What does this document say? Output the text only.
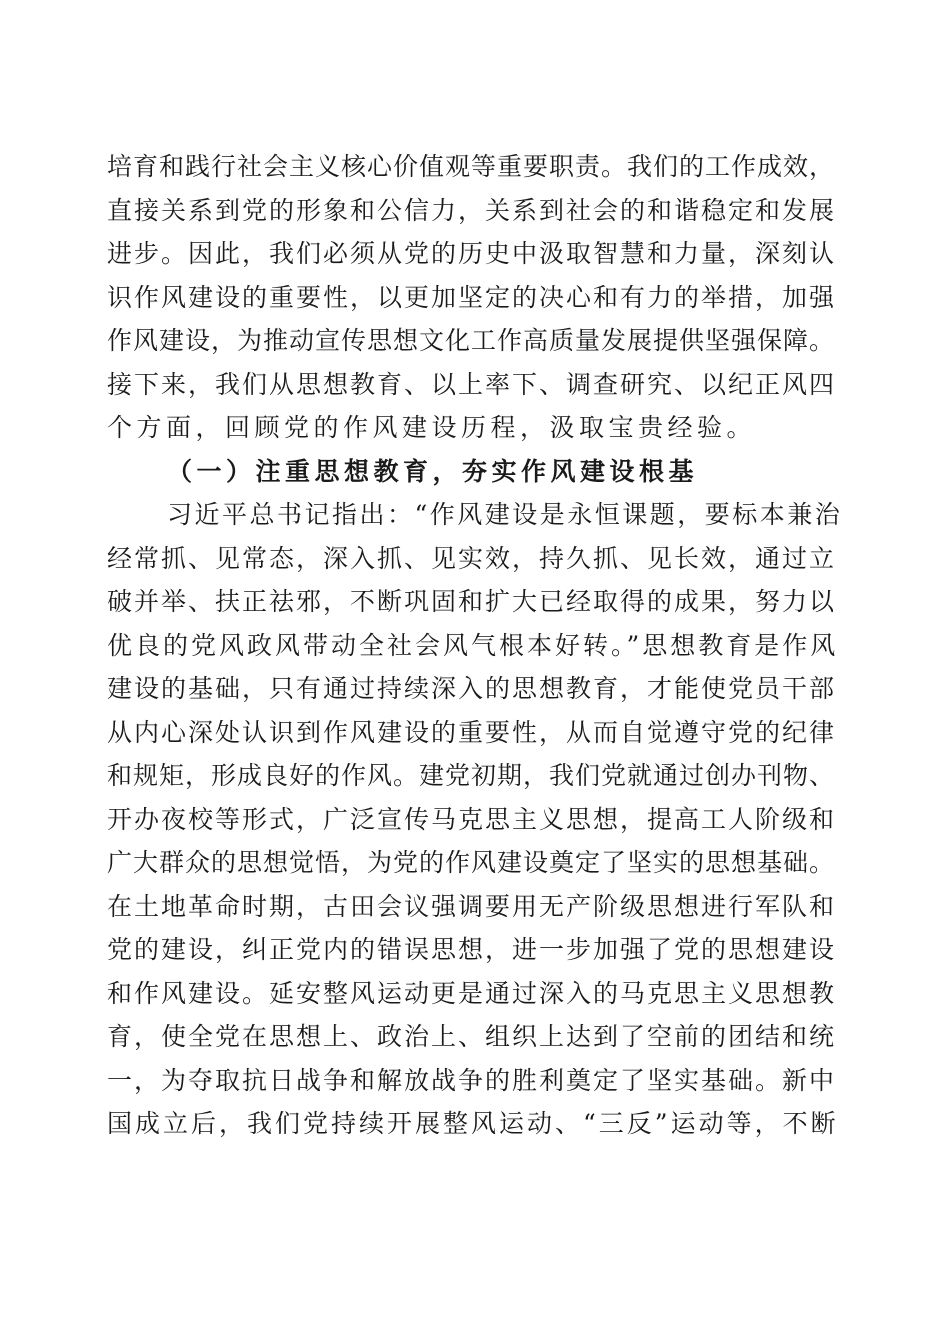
培育和践行社会主义核心价值观等重要职责。我们的工作成效，
直接关系到党的形象和公信力，关系到社会的和谐稳定和发展
进步。因此，我们必须从党的历史中汲取智慧和力量，深刻认
识作风建设的重要性，以更加坚定的决心和有力的举措，加强
作风建设，为推动宣传思想文化工作高质量发展提供坚强保障。
接下来，我们从思想教育、以上率下、调查研究、以纪正风四
个方面，回顾党的作风建设历程，汲取宝贵经验。
（一）注重思想教育，夯实作风建设根基
习近平总书记指出：“作风建设是永恒课题，要标本兼治
经常抓、见常态，深入抓、见实效，持久抓、见长效，通过立
破并举、扶正祛邪，不断巩固和扩大已经取得的成果，努力以
优良的党风政风带动全社会风气根本好转。”思想教育是作风
建设的基础，只有通过持续深入的思想教育，才能使党员干部
从内心深处认识到作风建设的重要性，从而自觉遵守党的纪律
和规矩，形成良好的作风。建党初期，我们党就通过创办刊物、
开办夜校等形式，广泛宣传马克思主义思想，提高工人阶级和
广大群众的思想觉悟，为党的作风建设奠定了坚实的思想基础。
在土地革命时期，古田会议强调要用无产阶级思想进行军队和
党的建设，纠正党内的错误思想，进一步加强了党的思想建设
和作风建设。延安整风运动更是通过深入的马克思主义思想教
育，使全党在思想上、政治上、组织上达到了空前的团结和统
一，为夺取抗日战争和解放战争的胜利奠定了坚实基础。新中
国成立后，我们党持续开展整风运动、“三反”运动等，不断
